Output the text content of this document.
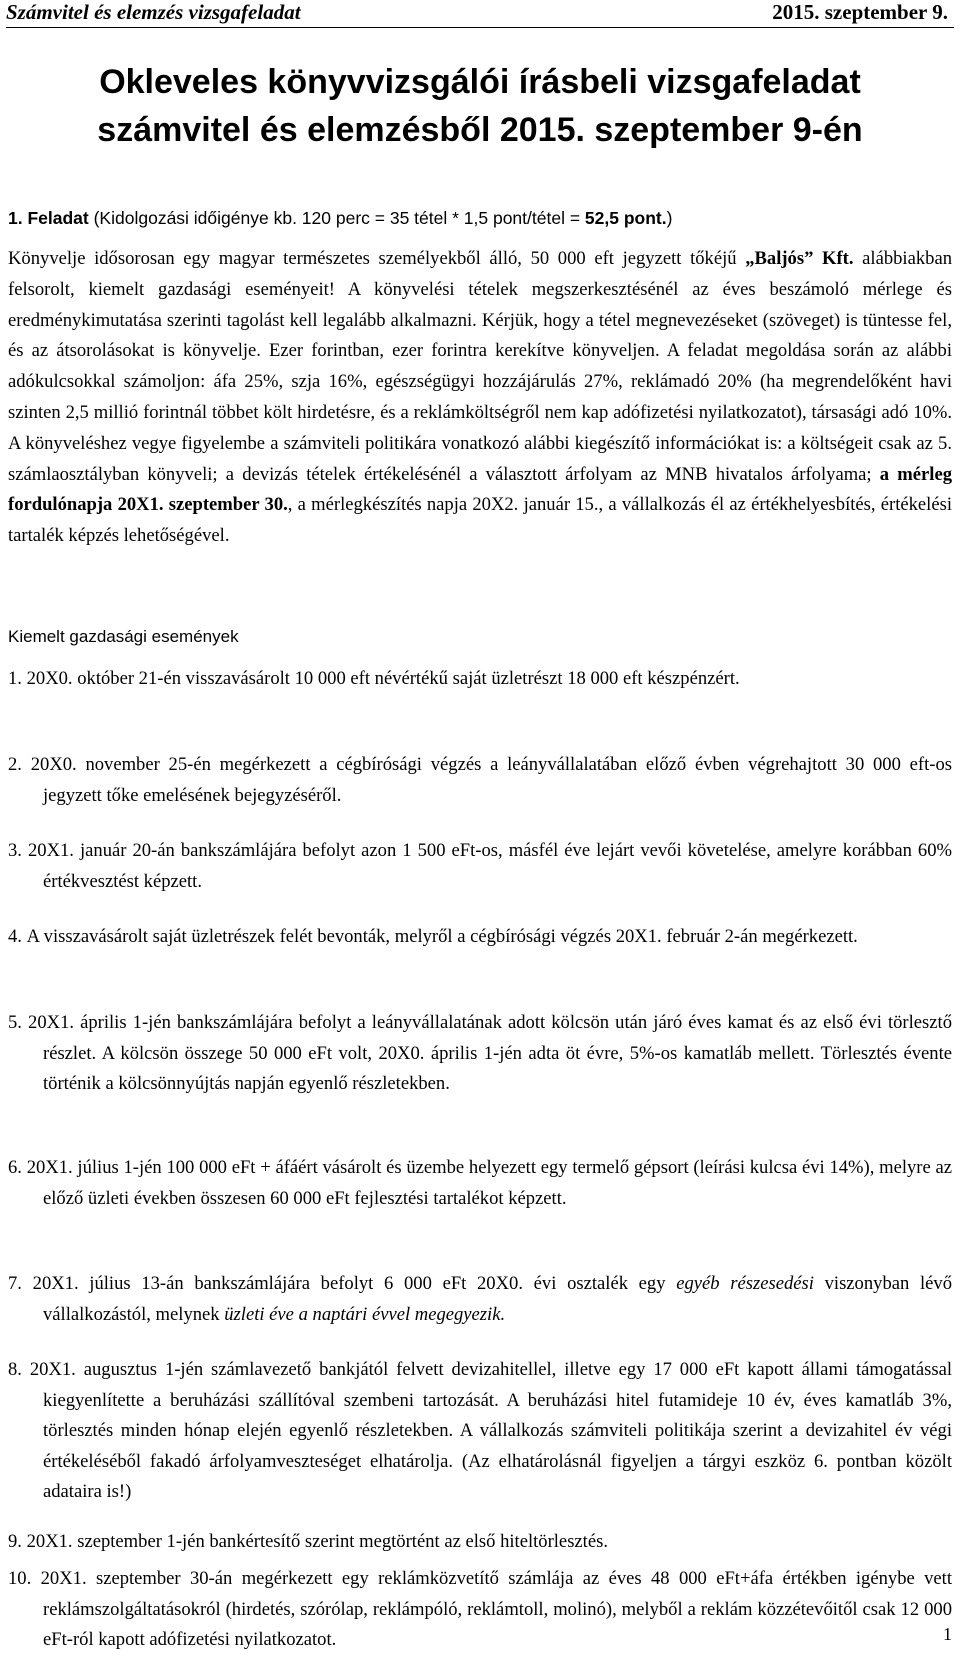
Számvitel és elemzés vizsgafeladat	2015. szeptember 9.
Okleveles könyvvizsgálói írásbeli vizsgafeladat
számvitel és elemzésből 2015. szeptember 9-én
1. Feladat (Kidolgozási időigénye kb. 120 perc = 35 tétel * 1,5 pont/tétel = 52,5 pont.)
Könyvelje idősorosan egy magyar természetes személyekből álló, 50 000 eft jegyzett tőkéjű „Baljós” Kft. alábbiakban felsorolt, kiemelt gazdasági eseményeit! A könyvelési tételek megszerkesztésénél az éves beszámoló mérlege és eredménykimutatása szerinti tagolást kell legalább alkalmazni. Kérjük, hogy a tétel megnevezéseket (szöveget) is tüntesse fel, és az átsorolásokat is könyvelje. Ezer forintban, ezer forintra kerekítve könyveljen. A feladat megoldása során az alábbi adókulcsokkal számoljon: áfa 25%, szja 16%, egészségügyi hozzájárulás 27%, reklámadó 20% (ha megrendelőként havi szinten 2,5 millió forintnál többet költ hirdetésre, és a reklámköltségről nem kap adófizetési nyilatkozatot), társasági adó 10%. A könyveléshez vegye figyelembe a számviteli politikára vonatkozó alábbi kiegészítő információkat is: a költségeit csak az 5. számlaosztályban könyveli; a devizás tételek értékelésénél a választott árfolyam az MNB hivatalos árfolyama; a mérleg fordulónapja 20X1. szeptember 30., a mérlegkészítés napja 20X2. január 15., a vállalkozás él az értékhelyesbítés, értékelési tartalék képzés lehetőségével.
Kiemelt gazdasági események
1. 20X0. október 21-én visszavásárolt 10 000 eft névértékű saját üzletrészt 18 000 eft készpénzért.
2. 20X0. november 25-én megérkezett a cégbírósági végzés a leányvállalatában előző évben végrehajtott 30 000 eft-os jegyzett tőke emelésének bejegyzéséről.
3. 20X1. január 20-án bankszámlájára befolyt azon 1 500 eFt-os, másfél éve lejárt vevői követelése, amelyre korábban 60% értékvesztést képzett.
4. A visszavásárolt saját üzletrészek felét bevonták, melyről a cégbírósági végzés 20X1. február 2-án megérkezett.
5. 20X1. április 1-jén bankszámlájára befolyt a leányvállalatának adott kölcsön után járó éves kamat és az első évi törlesztő részlet. A kölcsön összege 50 000 eFt volt, 20X0. április 1-jén adta öt évre, 5%-os kamatláb mellett. Törlesztés évente történik a kölcsönnyújtás napján egyenlő részletekben.
6. 20X1. július 1-jén 100 000 eFt + áfáért vásárolt és üzembe helyezett egy termelő gépsort (leírási kulcsa évi 14%), melyre az előző üzleti években összesen 60 000 eFt fejlesztési tartalékot képzett.
7. 20X1. július 13-án bankszámlájára befolyt 6 000 eFt 20X0. évi osztalék egy egyéb részesedési viszonyban lévő vállalkozástól, melynek üzleti éve a naptári évvel megegyezik.
8. 20X1. augusztus 1-jén számlavezető bankjától felvett devizahitellel, illetve egy 17 000 eFt kapott állami támogatással kiegyenlítette a beruházási szállítóval szembeni tartozását. A beruházási hitel futamideje 10 év, éves kamatláb 3%, törlesztés minden hónap elején egyenlő részletekben. A vállalkozás számviteli politikája szerint a devizahitel év végi értékeléséből fakadó árfolyamveszteséget elhatárolja. (Az elhatárolásnál figyeljen a tárgyi eszköz 6. pontban közölt adataira is!)
9. 20X1. szeptember 1-jén bankértesítő szerint megtörtént az első hiteltörlesztés.
10. 20X1. szeptember 30-án megérkezett egy reklámközvetítő számlája az éves 48 000 eFt+áfa értékben igénybe vett reklámszolgáltatásokról (hirdetés, szórólap, reklámpóló, reklámtoll, molinó), melyből a reklám közzétevőitől csak 12 000 eFt-ról kapott adófizetési nyilatkozatot.	1
